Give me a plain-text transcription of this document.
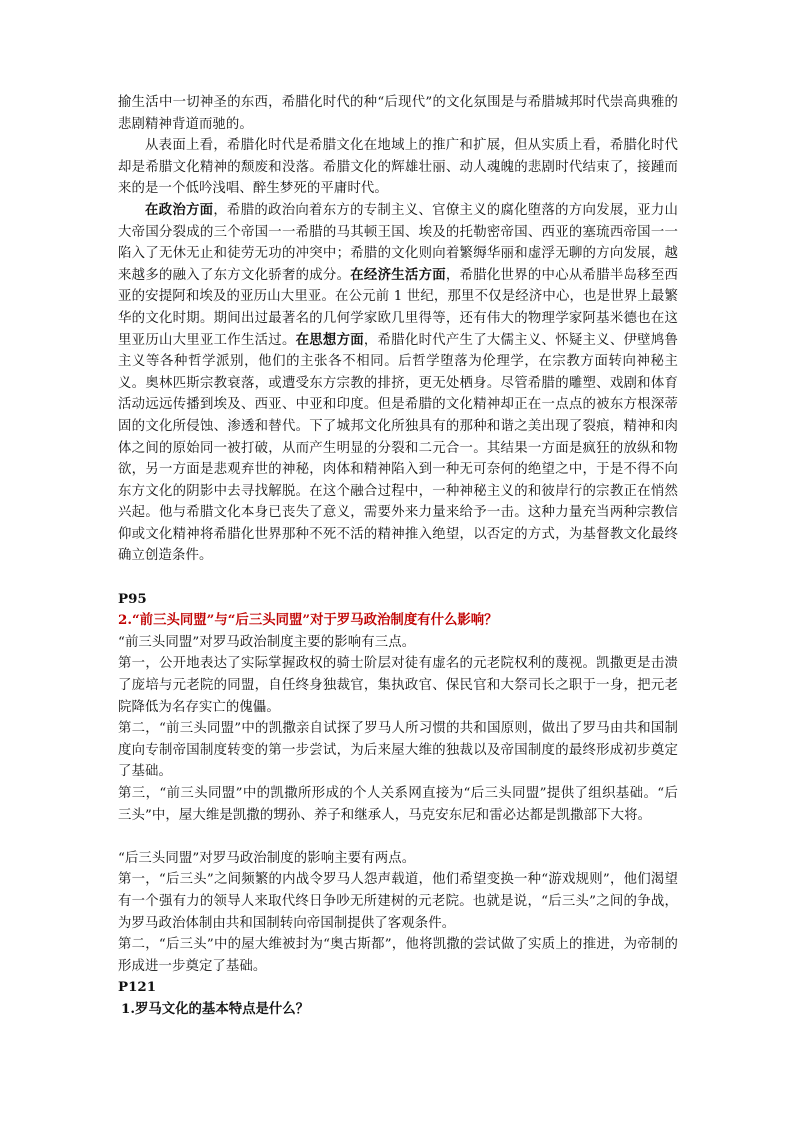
揄生活中一切神圣的东西，希腊化时代的种“后现代”的文化氛围是与希腊城邦时代崇高典雅的悲剧精神背道而驰的。

从表面上看，希腊化时代是希腊文化在地域上的推广和扩展，但从实质上看，希腊化时代却是希腊文化精神的颓废和没落。希腊文化的辉雄壮丽、动人魂魄的悲剧时代结束了，接踵而来的是一个低吟浅唱、醉生梦死的平庸时代。

在政治方面，希腊的政治向着东方的专制主义、官僚主义的腐化堕落的方向发展，亚力山大帝国分裂成的三个帝国一一希腊的马其顿王国、埃及的托勒密帝国、西亚的塞琉西帝国一一陷入了无休无止和徒劳无功的冲突中；希腊的文化则向着繁缛华丽和虚浮无聊的方向发展，越来越多的融入了东方文化骄奢的成分。在经济生活方面，希腊化世界的中心从希腊半岛移至西亚的安提阿和埃及的亚历山大里亚。在公元前 1 世纪，那里不仅是经济中心，也是世界上最繁华的文化时期。期间出过最著名的几何学家欧几里得等，还有伟大的物理学家阿基米德也在这里亚历山大里亚工作生活过。在思想方面，希腊化时代产生了大儒主义、怀疑主义、伊壁鸠鲁主义等各种哲学派别，他们的主张各不相同。后哲学堕落为伦理学，在宗教方面转向神秘主义。奥林匹斯宗教衰落，或遭受东方宗教的排挤，更无处栖身。尽管希腊的雕塑、戏剧和体育活动远远传播到埃及、西亚、中亚和印度。但是希腊的文化精神却正在一点点的被东方根深蒂固的文化所侵蚀、渗透和替代。下了城邦文化所独具有的那种和谐之美出现了裂痕，精神和肉体之间的原始同一被打破，从而产生明显的分裂和二元合一。其结果一方面是疯狂的放纵和物欲，另一方面是悲观弃世的神秘，肉体和精神陷入到一种无可奈何的绝望之中，于是不得不向东方文化的阴影中去寻找解脱。在这个融合过程中，一种神秘主义的和彼岸行的宗教正在悄然兴起。他与希腊文化本身已丧失了意义，需要外来力量来给予一击。这种力量充当两种宗教信仰或文化精神将希腊化世界那种不死不活的精神推入绝望，以否定的方式，为基督教文化最终确立创造条件。

P95
2.“前三头同盟”与“后三头同盟”对于罗马政治制度有什么影响？

“前三头同盟”对罗马政治制度主要的影响有三点。

第一，公开地表达了实际掌握政权的骑士阶层对徒有虚名的元老院权利的蔑视。凯撒更是击溃了庞培与元老院的同盟，自任终身独裁官，集执政官、保民官和大祭司长之职于一身，把元老院降低为名存实亡的傀儡。

第二，“前三头同盟”中的凯撒亲自试探了罗马人所习惯的共和国原则，做出了罗马由共和国制度向专制帝国制度转变的第一步尝试，为后来屋大维的独裁以及帝国制度的最终形成初步奠定了基础。

第三，“前三头同盟”中的凯撒所形成的个人关系网直接为“后三头同盟”提供了组织基础。“后三头”中，屋大维是凯撒的甥孙、养子和继承人，马克安东尼和雷必达都是凯撒部下大将。

“后三头同盟”对罗马政治制度的影响主要有两点。

第一，“后三头”之间频繁的内战令罗马人怨声载道，他们希望变换一种“游戏规则”，他们渴望有一个强有力的领导人来取代终日争吵无所建树的元老院。也就是说，“后三头”之间的争战，为罗马政治体制由共和国制转向帝国制提供了客观条件。

第二，“后三头”中的屋大维被封为“奥古斯都”，他将凯撒的尝试做了实质上的推进，为帝制的形成进一步奠定了基础。

P121
1.罗马文化的基本特点是什么？
